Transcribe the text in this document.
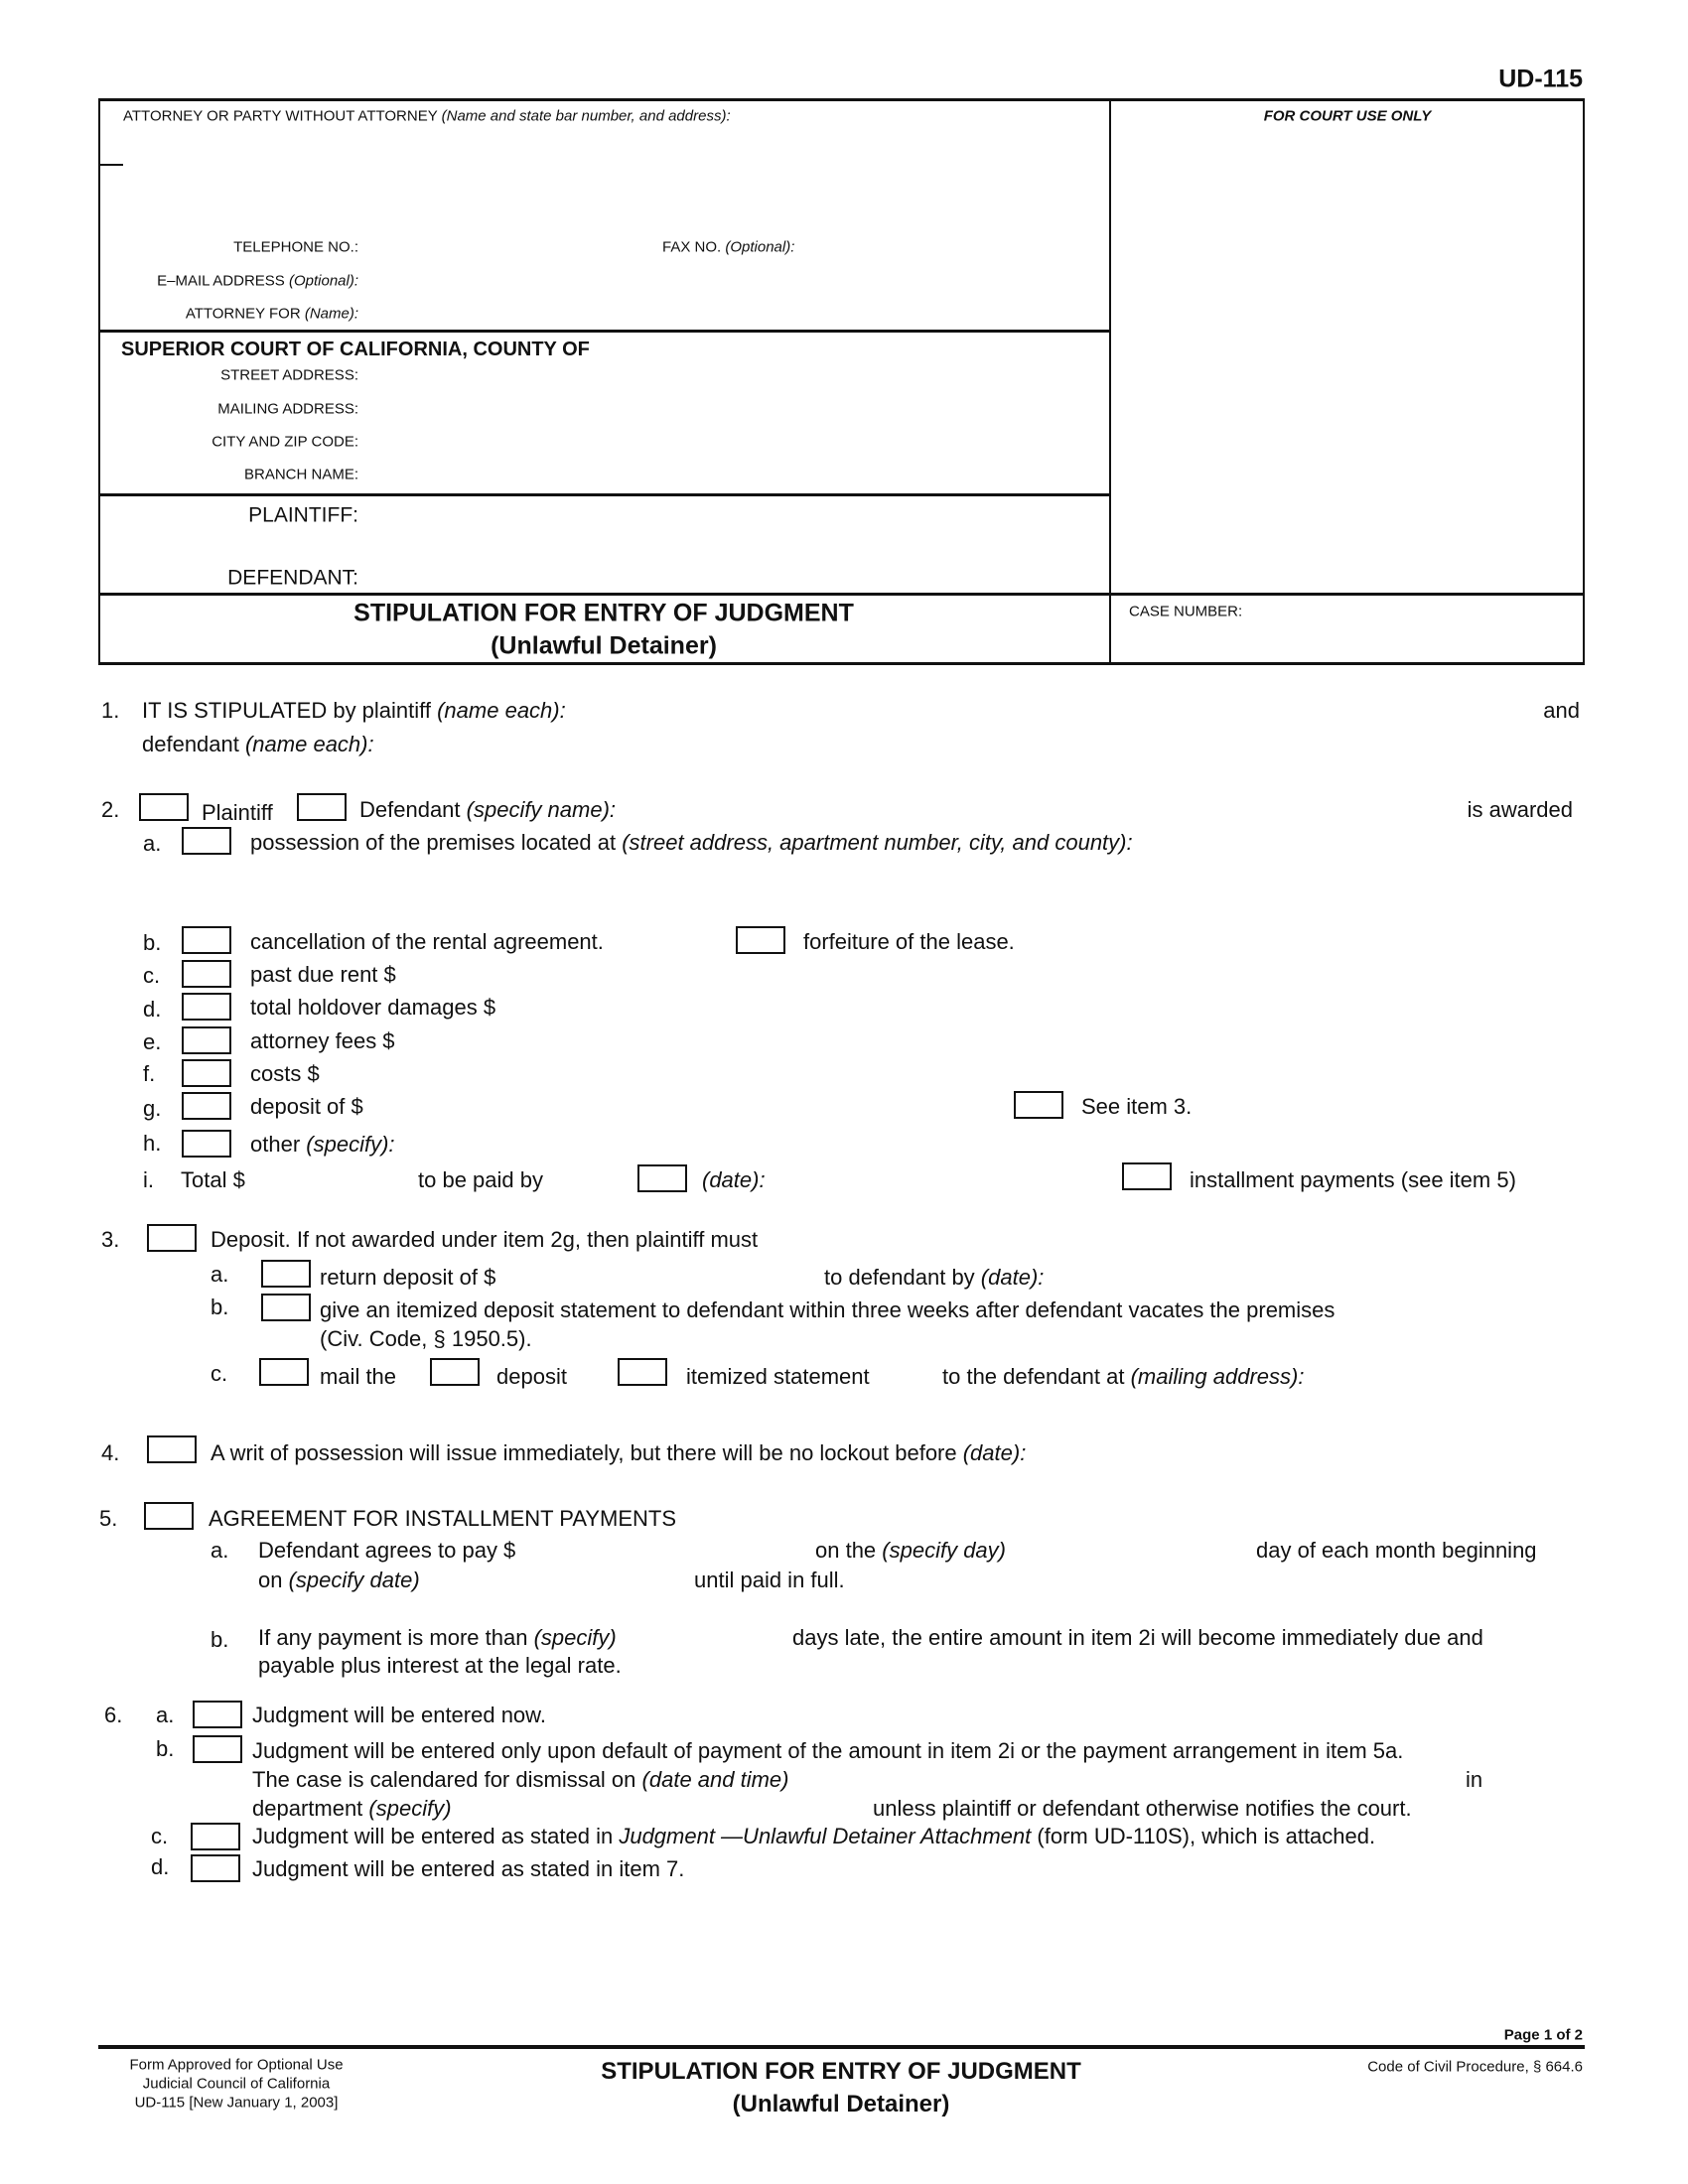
UD-115
ATTORNEY OR PARTY WITHOUT ATTORNEY (Name and state bar number, and address):	FOR COURT USE ONLY
TELEPHONE NO.:	FAX NO. (Optional):
E–MAIL ADDRESS (Optional):
ATTORNEY FOR (Name):
SUPERIOR COURT OF CALIFORNIA, COUNTY OF
STREET ADDRESS:
MAILING ADDRESS:
CITY AND ZIP CODE:
BRANCH NAME:
PLAINTIFF:
DEFENDANT:
STIPULATION FOR ENTRY OF JUDGMENT
(Unlawful Detainer)
CASE NUMBER:
1. IT IS STIPULATED by plaintiff (name each):	and
defendant (name each):
2.	Plaintiff	Defendant (specify name):	is awarded
a.	possession of the premises located at (street address, apartment number, city, and county):
b.	cancellation of the rental agreement.	forfeiture of the lease.
c.	past due rent $
d.	total holdover damages $
e.	attorney fees $
f.	costs $
g.	deposit of $	See item 3.
h.	other (specify):
i. Total $	to be paid by	(date):	installment payments (see item 5)
3.	Deposit. If not awarded under item 2g, then plaintiff must
a.	return deposit of $	to defendant by (date):
b.	give an itemized deposit statement to defendant within three weeks after defendant vacates the premises
(Civ. Code, § 1950.5).
c.	mail the	deposit	itemized statement	to the defendant at (mailing address):
4.	A writ of possession will issue immediately, but there will be no lockout before (date):
5.	AGREEMENT FOR INSTALLMENT PAYMENTS
a. Defendant agrees to pay $	on the (specify day)	day of each month beginning
on (specify date)	until paid in full.
b. If any payment is more than (specify)	days late, the entire amount in item 2i will become immediately due and
payable plus interest at the legal rate.
6. a.	Judgment will be entered now.
b.	Judgment will be entered only upon default of payment of the amount in item 2i or the payment arrangement in item 5a.
The case is calendared for dismissal on (date and time)	in
department (specify)	unless plaintiff or defendant otherwise notifies the court.
c.	Judgment will be entered as stated in Judgment —Unlawful Detainer Attachment (form UD-110S), which is attached.
d.	Judgment will be entered as stated in item 7.
Page 1 of 2
Form Approved for Optional Use
Judicial Council of California
UD-115 [New January 1, 2003]
STIPULATION FOR ENTRY OF JUDGMENT
(Unlawful Detainer)
Code of Civil Procedure, § 664.6
